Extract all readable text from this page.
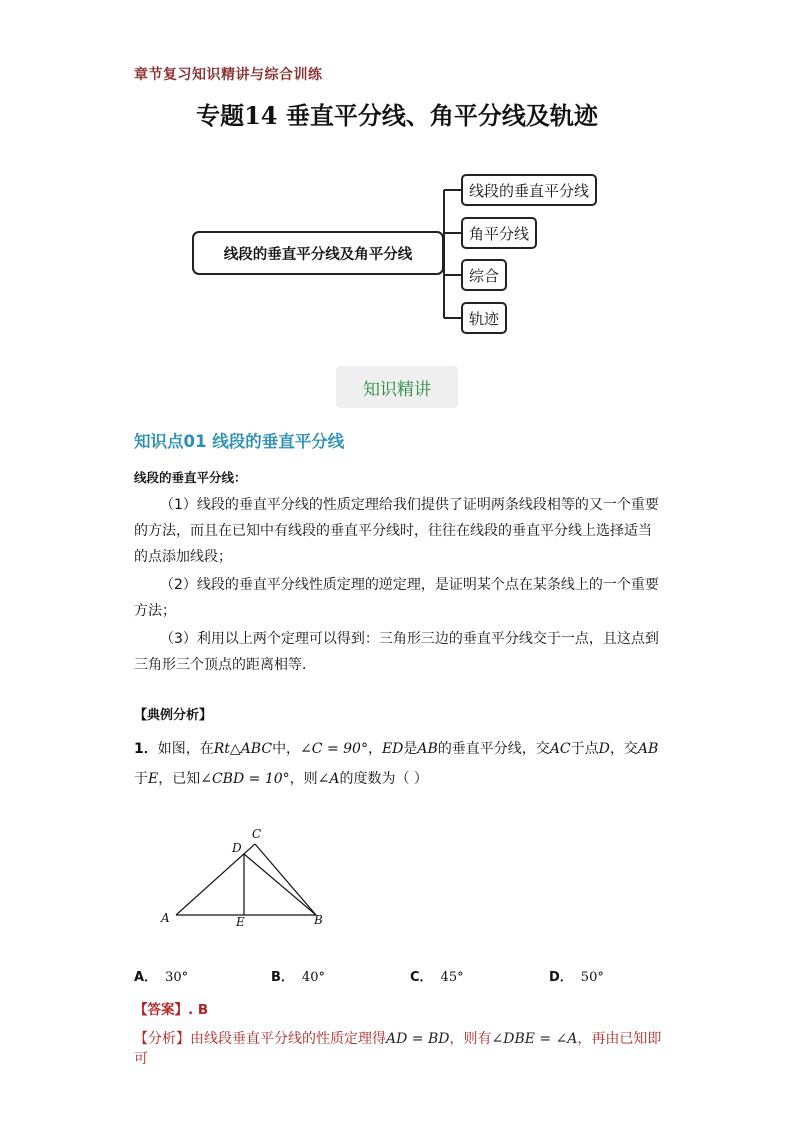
章节复习知识精讲与综合训练
专题14 垂直平分线、角平分线及轨迹
线段的垂直平分线及角平分线
线段的垂直平分线
角平分线
综合
轨迹
知识精讲
知识点01 线段的垂直平分线
线段的垂直平分线：
（1）线段的垂直平分线的性质定理给我们提供了证明两条线段相等的又一个重要的方法，而且在已知中有线段的垂直平分线时，往往在线段的垂直平分线上选择适当的点添加线段；
（2）线段的垂直平分线性质定理的逆定理，是证明某个点在某条线上的一个重要方法；
（3）利用以上两个定理可以得到：三角形三边的垂直平分线交于一点，且这点到三角形三个顶点的距离相等．
【典例分析】
1．如图，在Rt△ABC中，∠C = 90°，ED是AB的垂直平分线，交AC于点D，交AB
于E，已知∠CBD = 10°，则∠A的度数为（ ）
C
D
A	E	B
A． 30°	B． 40°	C． 45°	D． 50°
【答案】. B
【分析】由线段垂直平分线的性质定理得AD = BD，则有∠DBE = ∠A，再由已知即可
